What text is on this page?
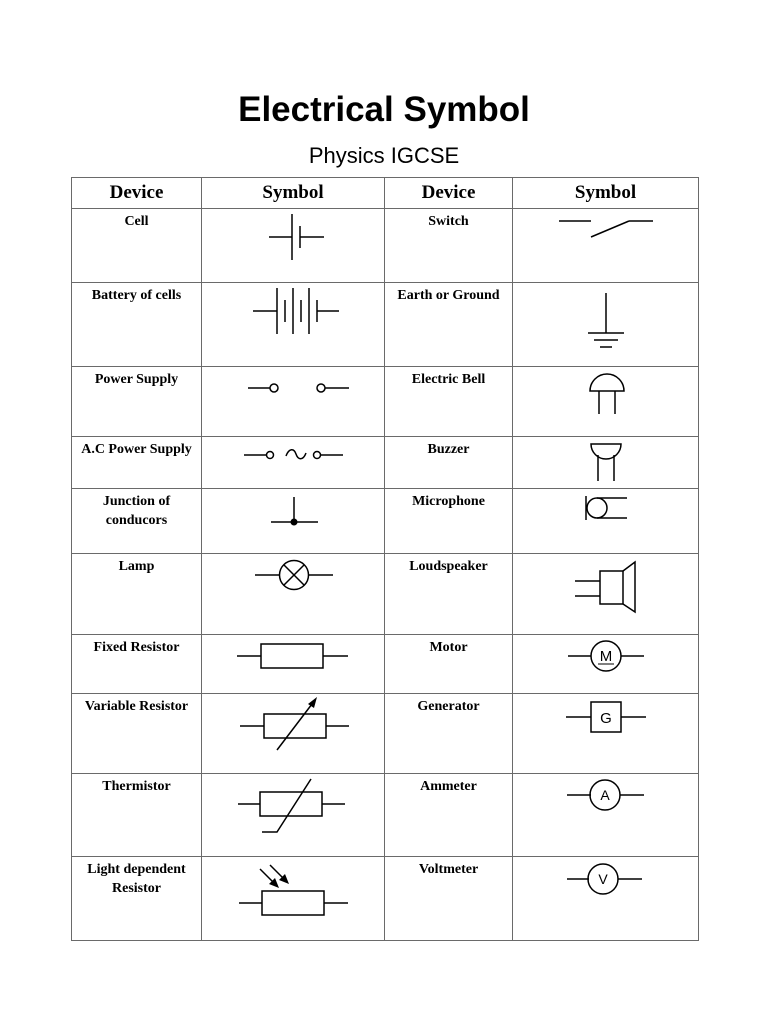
Electrical Symbol
Physics IGCSE
Device	Symbol	Device	Symbol
Cell		Switch	

Battery of cells		Earth or Ground	

Power Supply		Electric Bell	

A.C Power Supply		Buzzer	

Junction of conducors		Microphone	

Lamp		Loudspeaker	

Fixed Resistor		Motor	M

Variable Resistor		Generator	G

Thermistor		Ammeter	A

Light dependent Resistor		Voltmeter	V
